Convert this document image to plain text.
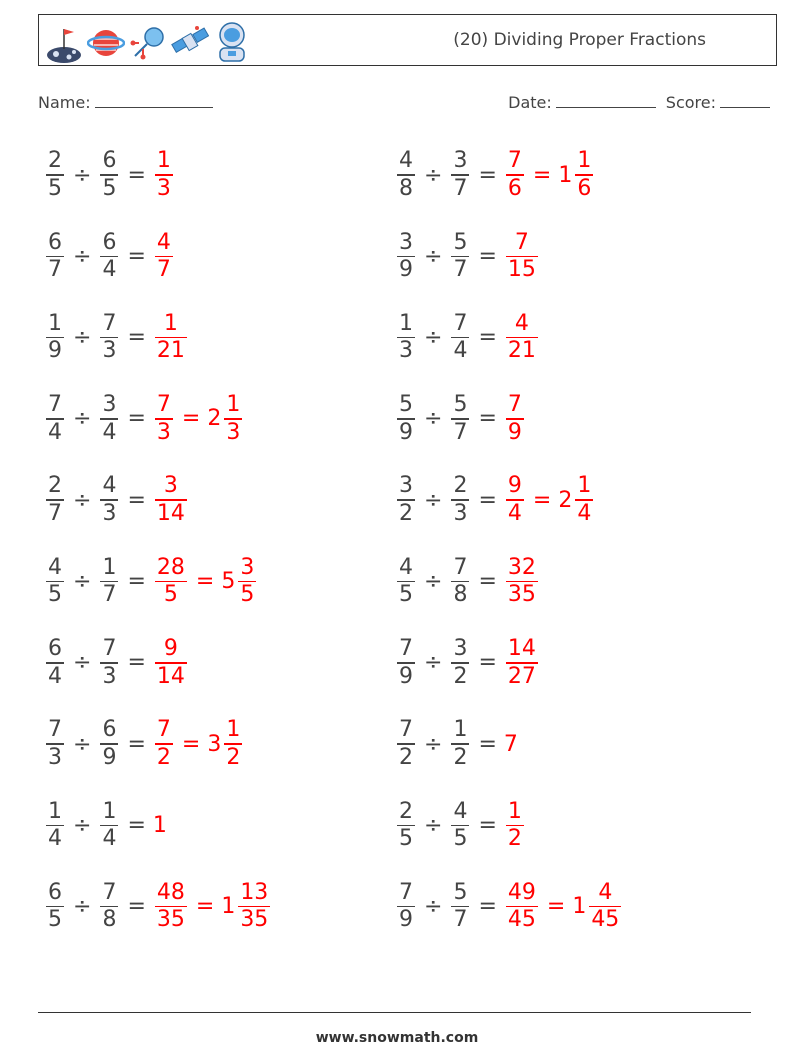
(20) Dividing Proper Fractions
Name:	Date:	Score:
$\frac{2}{5} \div \frac{6}{5} = \frac{1}{3}$	$\frac{4}{8} \div \frac{3}{7} = \frac{7}{6} = 1 \frac{1}{6}$
$\frac{6}{7} \div \frac{6}{4} = \frac{4}{7}$	$\frac{3}{9} \div \frac{5}{7} = \frac{7}{15}$
$\frac{1}{9} \div \frac{7}{3} = \frac{1}{21}$	$\frac{1}{3} \div \frac{7}{4} = \frac{4}{21}$
$\frac{7}{4} \div \frac{3}{4} = \frac{7}{3} = 2 \frac{1}{3}$	$\frac{5}{9} \div \frac{5}{7} = \frac{7}{9}$
$\frac{2}{7} \div \frac{4}{3} = \frac{3}{14}$	$\frac{3}{2} \div \frac{2}{3} = \frac{9}{4} = 2 \frac{1}{4}$
$\frac{4}{5} \div \frac{1}{7} = \frac{28}{5} = 5 \frac{3}{5}$	$\frac{4}{5} \div \frac{7}{8} = \frac{32}{35}$
$\frac{6}{4} \div \frac{7}{3} = \frac{9}{14}$	$\frac{7}{9} \div \frac{3}{2} = \frac{14}{27}$
$\frac{7}{3} \div \frac{6}{9} = \frac{7}{2} = 3 \frac{1}{2}$	$\frac{7}{2} \div \frac{1}{2} = 7$
$\frac{1}{4} \div \frac{1}{4} = 1$	$\frac{2}{5} \div \frac{4}{5} = \frac{1}{2}$
$\frac{6}{5} \div \frac{7}{8} = \frac{48}{35} = 1 \frac{13}{35}$	$\frac{7}{9} \div \frac{5}{7} = \frac{49}{45} = 1 \frac{4}{45}$
www.snowmath.com
